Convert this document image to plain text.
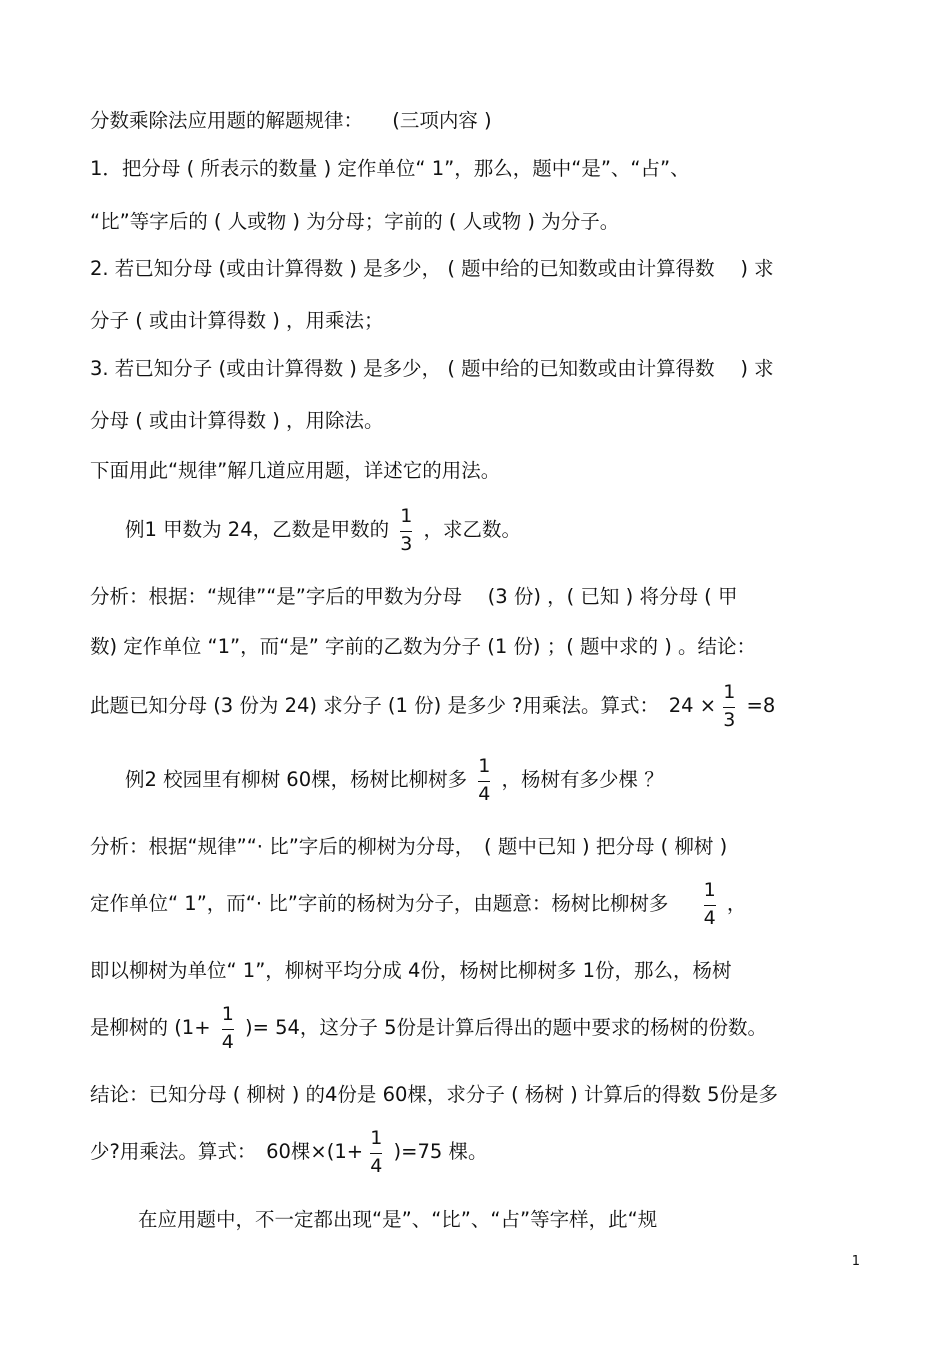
分数乘除法应用题的解题规律：　　(三项内容 )
1．把分母 ( 所表示的数量 ) 定作单位“ 1”，那么，题中“是”、“占”、
“比”等字后的 ( 人或物 ) 为分母；字前的 ( 人或物 ) 为分子。
2. 若已知分母 (或由计算得数 ) 是多少， ( 题中给的已知数或由计算得数　 ) 求
分子 ( 或由计算得数 ) ，用乘法；
3. 若已知分子 (或由计算得数 ) 是多少， ( 题中给的已知数或由计算得数　 ) 求
分母 ( 或由计算得数 ) ，用除法。
下面用此“规律”解几道应用题，详述它的用法。
例1 甲数为 24，乙数是甲数的 $\frac{1}{3}$ ，求乙数。
分析：根据：“规律”“是”字后的甲数为分母　 (3 份) ，( 已知 ) 将分母 ( 甲
数) 定作单位 “1”，而“是” 字前的乙数为分子 (1 份) ；( 题中求的 ) 。结论：
此题已知分母 (3 份为 24) 求分子 (1 份) 是多少 ?用乘法。算式：　$24 \times \frac{1}{3} =8$
例2 校园里有柳树 60棵，杨树比柳树多 $\frac{1}{4}$ ，杨树有多少棵 ？
分析：根据“规律”“· 比”字后的柳树为分母，　( 题中已知 ) 把分母 ( 柳树 )
定作单位“ 1”，而“· 比”字前的杨树为分子，由题意：杨树比柳树多 $\frac{1}{4}$ ，
即以柳树为单位“ 1”，柳树平均分成 4份，杨树比柳树多 1份，那么，杨树
是柳树的 ($1+ \frac{1}{4}$ )= 54，这分子 5份是计算后得出的题中要求的杨树的份数。
结论：已知分母 ( 柳树 ) 的4份是 60棵，求分子 ( 杨树 ) 计算后的得数 5份是多
少?用乘法。算式：　60棵$\times(1+ \frac{1}{4} )=75$ 棵。
在应用题中，不一定都出现“是”、“比”、“占”等字样，此“规
1
